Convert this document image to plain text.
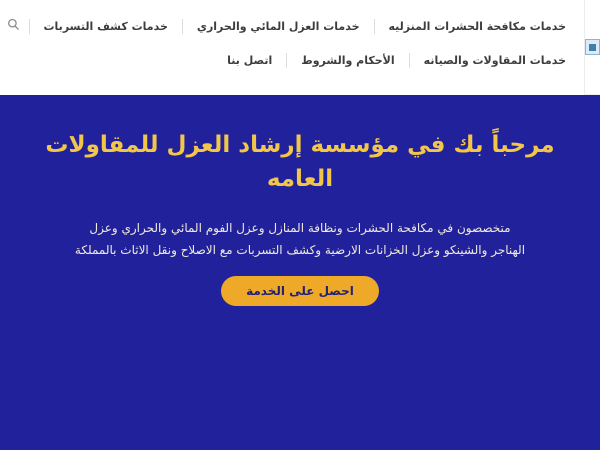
خدمات مكافحة الحشرات المنزليه
خدمات العزل المائي والحراري
خدمات كشف التسربات
خدمات المقاولات والصيانه
الأحكام والشروط
اتصل بنا
مرحباً بك في مؤسسة إرشاد العزل للمقاولات العامه

متخصصون في مكافحة الحشرات ونظافة المنازل وعزل الفوم المائي والحراري وعزل الهناجر والشينكو وعزل الخزانات الارضية وكشف التسربات مع الاصلاح ونقل الاثاث بالمملكة

احصل على الخدمة
